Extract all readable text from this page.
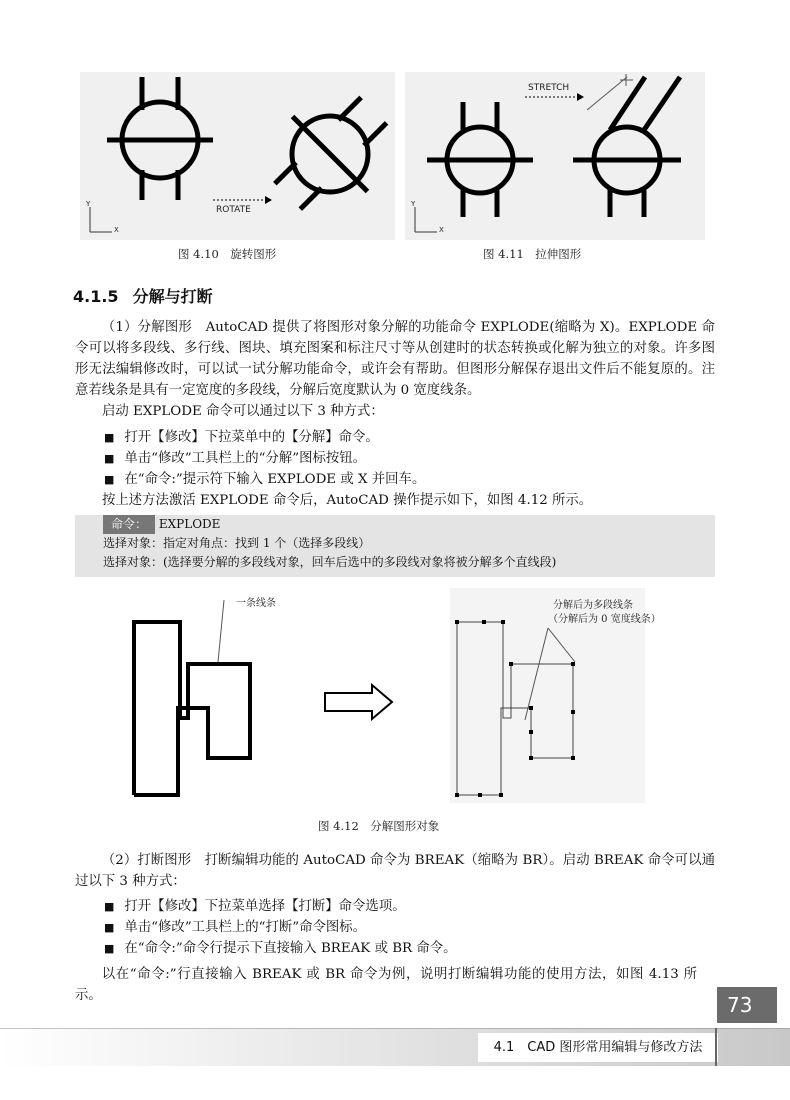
ROTATE
Y
X
图 4.10　旋转图形
STRETCH
Y
X
图 4.11　拉伸图形
4.1.5 分解与打断
（1）分解图形　AutoCAD 提供了将图形对象分解的功能命令 EXPLODE(缩略为 X)。EXPLODE 命令可以将多段线、多行线、图块、填充图案和标注尺寸等从创建时的状态转换或化解为独立的对象。许多图形无法编辑修改时，可以试一试分解功能命令，或许会有帮助。但图形分解保存退出文件后不能复原的。注意若线条是具有一定宽度的多段线，分解后宽度默认为 0 宽度线条。
启动 EXPLODE 命令可以通过以下 3 种方式：
■ 打开【修改】下拉菜单中的【分解】命令。
■ 单击“修改”工具栏上的“分解”图标按钮。
■ 在“命令:”提示符下输入 EXPLODE 或 X 并回车。
按上述方法激活 EXPLODE 命令后，AutoCAD 操作提示如下，如图 4.12 所示。
命令： EXPLODE
选择对象：指定对角点：找到 1 个（选择多段线）
选择对象：(选择要分解的多段线对象，回车后选中的多段线对象将被分解多个直线段)
一条线条	分解后为多段线条
（分解后为 0 宽度线条）
图 4.12　分解图形对象
（2）打断图形　打断编辑功能的 AutoCAD 命令为 BREAK（缩略为 BR）。启动 BREAK 命令可以通过以下 3 种方式：
■ 打开【修改】下拉菜单选择【打断】命令选项。
■ 单击“修改”工具栏上的“打断”命令图标。
■ 在“命令:”命令行提示下直接输入 BREAK 或 BR 命令。
以在“命令:”行直接输入 BREAK 或 BR 命令为例，说明打断编辑功能的使用方法，如图 4.13 所示。	73
4.1　CAD 图形常用编辑与修改方法
